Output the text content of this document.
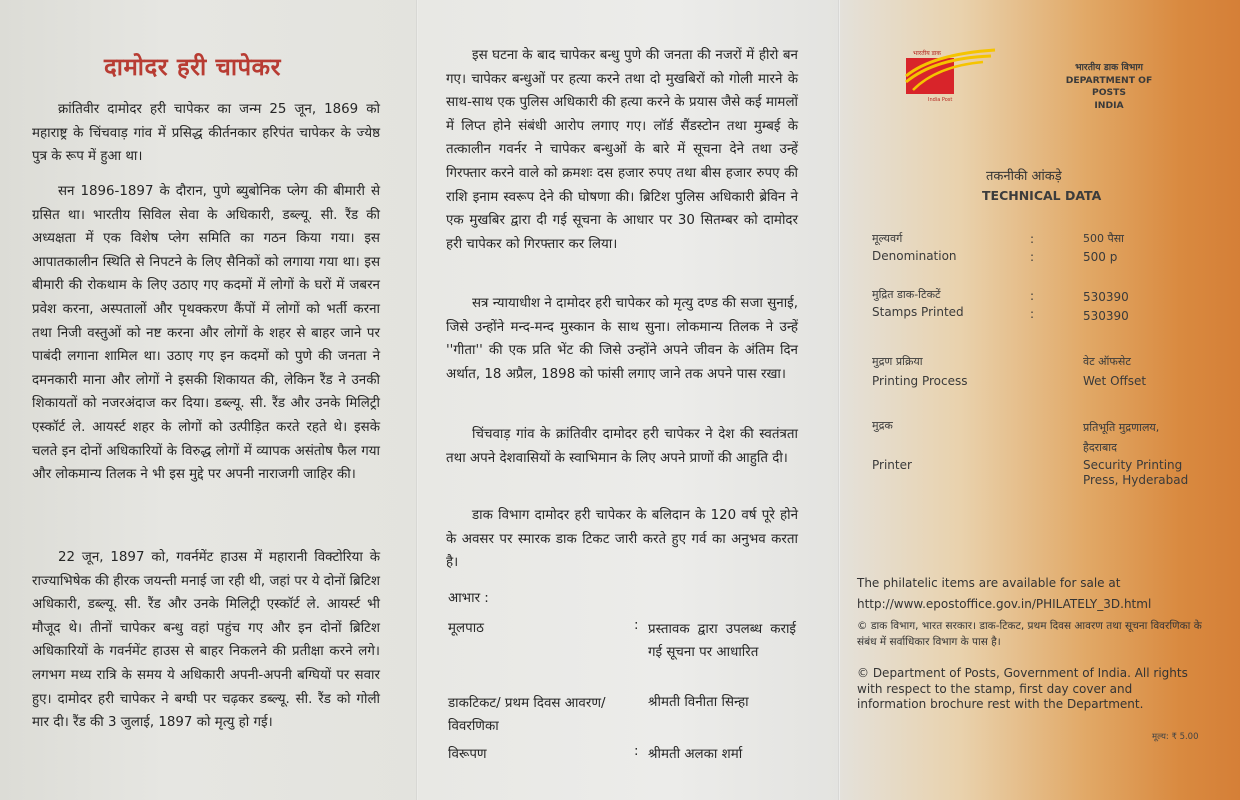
दामोदर हरी चापेकर

क्रांतिवीर दामोदर हरी चापेकर का जन्म 25 जून, 1869 को महाराष्ट्र के चिंचवाड़ गांव में प्रसिद्ध कीर्तनकार हरिपंत चापेकर के ज्येष्ठ पुत्र के रूप में हुआ था।

सन 1896-1897 के दौरान, पुणे ब्युबोनिक प्लेग की बीमारी से ग्रसित था। भारतीय सिविल सेवा के अधिकारी, डब्ल्यू. सी. रैंड की अध्यक्षता में एक विशेष प्लेग समिति का गठन किया गया। इस आपातकालीन स्थिति से निपटने के लिए सैनिकों को लगाया गया था। इस बीमारी की रोकथाम के लिए उठाए गए कदमों में लोगों के घरों में जबरन प्रवेश करना, अस्पतालों और पृथक्करण कैंपों में लोगों को भर्ती करना तथा निजी वस्तुओं को नष्ट करना और लोगों के शहर से बाहर जाने पर पाबंदी लगाना शामिल था। उठाए गए इन कदमों को पुणे की जनता ने दमनकारी माना और लोगों ने इसकी शिकायत की, लेकिन रैंड ने उनकी शिकायतों को नजरअंदाज कर दिया। डब्ल्यू. सी. रैंड और उनके मिलिट्री एस्कॉर्ट ले. आयर्स्ट शहर के लोगों को उत्पीड़ित करते रहते थे। इसके चलते इन दोनों अधिकारियों के विरुद्ध लोगों में व्यापक असंतोष फैल गया और लोकमान्य तिलक ने भी इस मुद्दे पर अपनी नाराजगी जाहिर की।

22 जून, 1897 को, गवर्नमेंट हाउस में महारानी विक्टोरिया के राज्याभिषेक की हीरक जयन्ती मनाई जा रही थी, जहां पर ये दोनों ब्रिटिश अधिकारी, डब्ल्यू. सी. रैंड और उनके मिलिट्री एस्कॉर्ट ले. आयर्स्ट भी मौजूद थे। तीनों चापेकर बन्धु वहां पहुंच गए और इन दोनों ब्रिटिश अधिकारियों के गवर्नमेंट हाउस से बाहर निकलने की प्रतीक्षा करने लगे। लगभग मध्य रात्रि के समय ये अधिकारी अपनी-अपनी बग्घियों पर सवार हुए। दामोदर हरी चापेकर ने बग्घी पर चढ़कर डब्ल्यू. सी. रैंड को गोली मार दी। रैंड की 3 जुलाई, 1897 को मृत्यु हो गई।

इस घटना के बाद चापेकर बन्धु पुणे की जनता की नजरों में हीरो बन गए। चापेकर बन्धुओं पर हत्या करने तथा दो मुखबिरों को गोली मारने के साथ-साथ एक पुलिस अधिकारी की हत्या करने के प्रयास जैसे कई मामलों में लिप्त होने संबंधी आरोप लगाए गए। लॉर्ड सैंडस्टोन तथा मुम्बई के तत्कालीन गवर्नर ने चापेकर बन्धुओं के बारे में सूचना देने तथा उन्हें गिरफ्तार करने वाले को क्रमशः दस हजार रुपए तथा बीस हजार रुपए की राशि इनाम स्वरूप देने की घोषणा की। ब्रिटिश पुलिस अधिकारी ब्रेविन ने एक मुखबिर द्वारा दी गई सूचना के आधार पर 30 सितम्बर को दामोदर हरी चापेकर को गिरफ्तार कर लिया।

सत्र न्यायाधीश ने दामोदर हरी चापेकर को मृत्यु दण्ड की सजा सुनाई, जिसे उन्होंने मन्द-मन्द मुस्कान के साथ सुना। लोकमान्य तिलक ने उन्हें ''गीता'' की एक प्रति भेंट की जिसे उन्होंने अपने जीवन के अंतिम दिन अर्थात, 18 अप्रैल, 1898 को फांसी लगाए जाने तक अपने पास रखा।

चिंचवाड़ गांव के क्रांतिवीर दामोदर हरी चापेकर ने देश की स्वतंत्रता तथा अपने देशवासियों के स्वाभिमान के लिए अपने प्राणों की आहुति दी।

डाक विभाग दामोदर हरी चापेकर के बलिदान के 120 वर्ष पूरे होने के अवसर पर स्मारक डाक टिकट जारी करते हुए गर्व का अनुभव करता है।

आभार :
मूलपाठ	: प्रस्तावक द्वारा उपलब्ध कराई गई सूचना पर आधारित
डाकटिकट/ प्रथम दिवस आवरण/ विवरणिका
श्रीमती विनीता सिन्हा
विरूपण	: श्रीमती अलका शर्मा
भारतीय डाक
India Post
भारतीय डाक विभाग
DEPARTMENT OF POSTS
INDIA
तकनीकी आंकड़े
TECHNICAL DATA
मूल्यवर्ग
Denomination
:
:
500 पैसा
500 p
मुद्रित डाक-टिकटें
Stamps Printed
:
:
530390
530390
मुद्रण प्रक्रिया
Printing Process
वेट ऑफसेट
Wet Offset
मुद्रक
Printer
प्रतिभूति मुद्रणालय, हैदराबाद
Security Printing Press, Hyderabad
The philatelic items are available for sale at
http://www.epostoffice.gov.in/PHILATELY_3D.html
© डाक विभाग, भारत सरकार। डाक-टिकट, प्रथम दिवस आवरण तथा सूचना विवरणिका के संबंध में सर्वाधिकार विभाग के पास है।
© Department of Posts, Government of India. All rights with respect to the stamp, first day cover and information brochure rest with the Department.
मूल्य: ₹ 5.00
